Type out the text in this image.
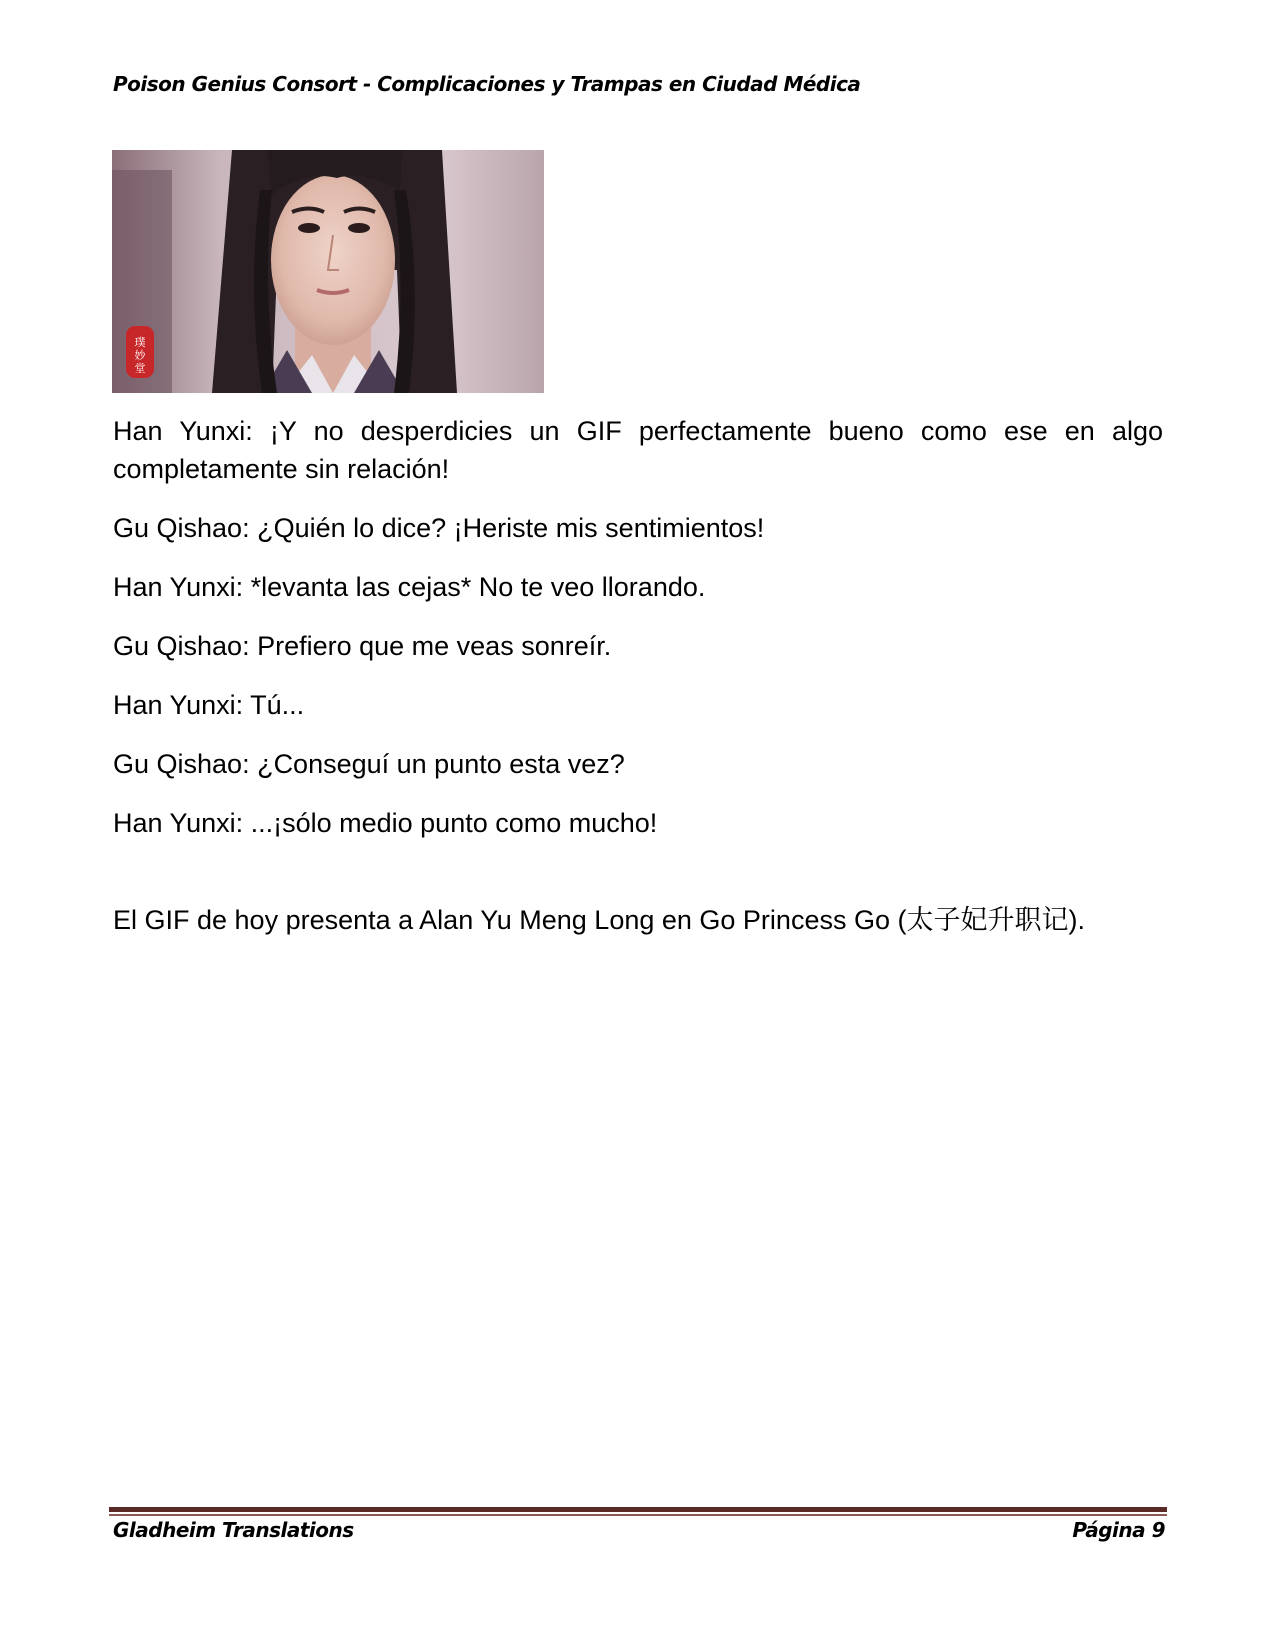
Poison Genius Consort - Complicaciones y Trampas en Ciudad Médica
璞
妙
堂

Han Yunxi: ¡Y no desperdicies un GIF perfectamente bueno como ese en algo completamente sin relación!

Gu Qishao: ¿Quién lo dice? ¡Heriste mis sentimientos!

Han Yunxi: *levanta las cejas* No te veo llorando.

Gu Qishao: Prefiero que me veas sonreír.

Han Yunxi: Tú...

Gu Qishao: ¿Conseguí un punto esta vez?

Han Yunxi: ...¡sólo medio punto como mucho!

El GIF de hoy presenta a Alan Yu Meng Long en Go Princess Go (太子妃升职记).

Gladheim Translations	Página 9
